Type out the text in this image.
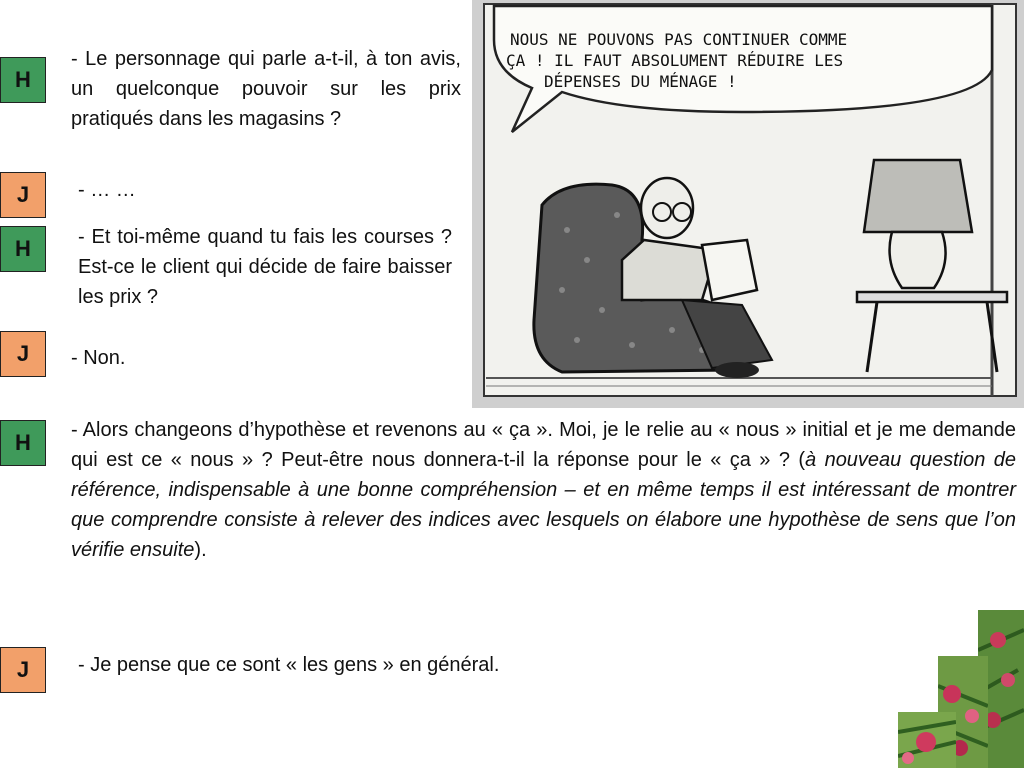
H
J
H
J
H
J
- Le personnage qui parle a-t-il, à ton avis, un quelconque pouvoir sur les prix pratiqués dans les magasins ?
- … …
- Et toi-même quand tu fais les courses ? Est-ce le client qui décide de faire baisser les prix ?
- Non.
- Alors changeons d’hypothèse et revenons au « ça ». Moi, je le relie au « nous » initial et je me demande qui est ce « nous » ? Peut-être nous donnera-t-il la réponse pour le « ça » ? (à nouveau question de référence, indispensable à une bonne compréhension – et en même temps il est intéressant de montrer que comprendre consiste à relever des indices avec lesquels on élabore une hypothèse de sens que l’on vérifie ensuite).
- Je pense que ce sont « les gens » en général.
NOUS NE POUVONS PAS CONTINUER COMME
ÇA ! IL FAUT ABSOLUMENT RÉDUIRE LES
DÉPENSES DU MÉNAGE !
